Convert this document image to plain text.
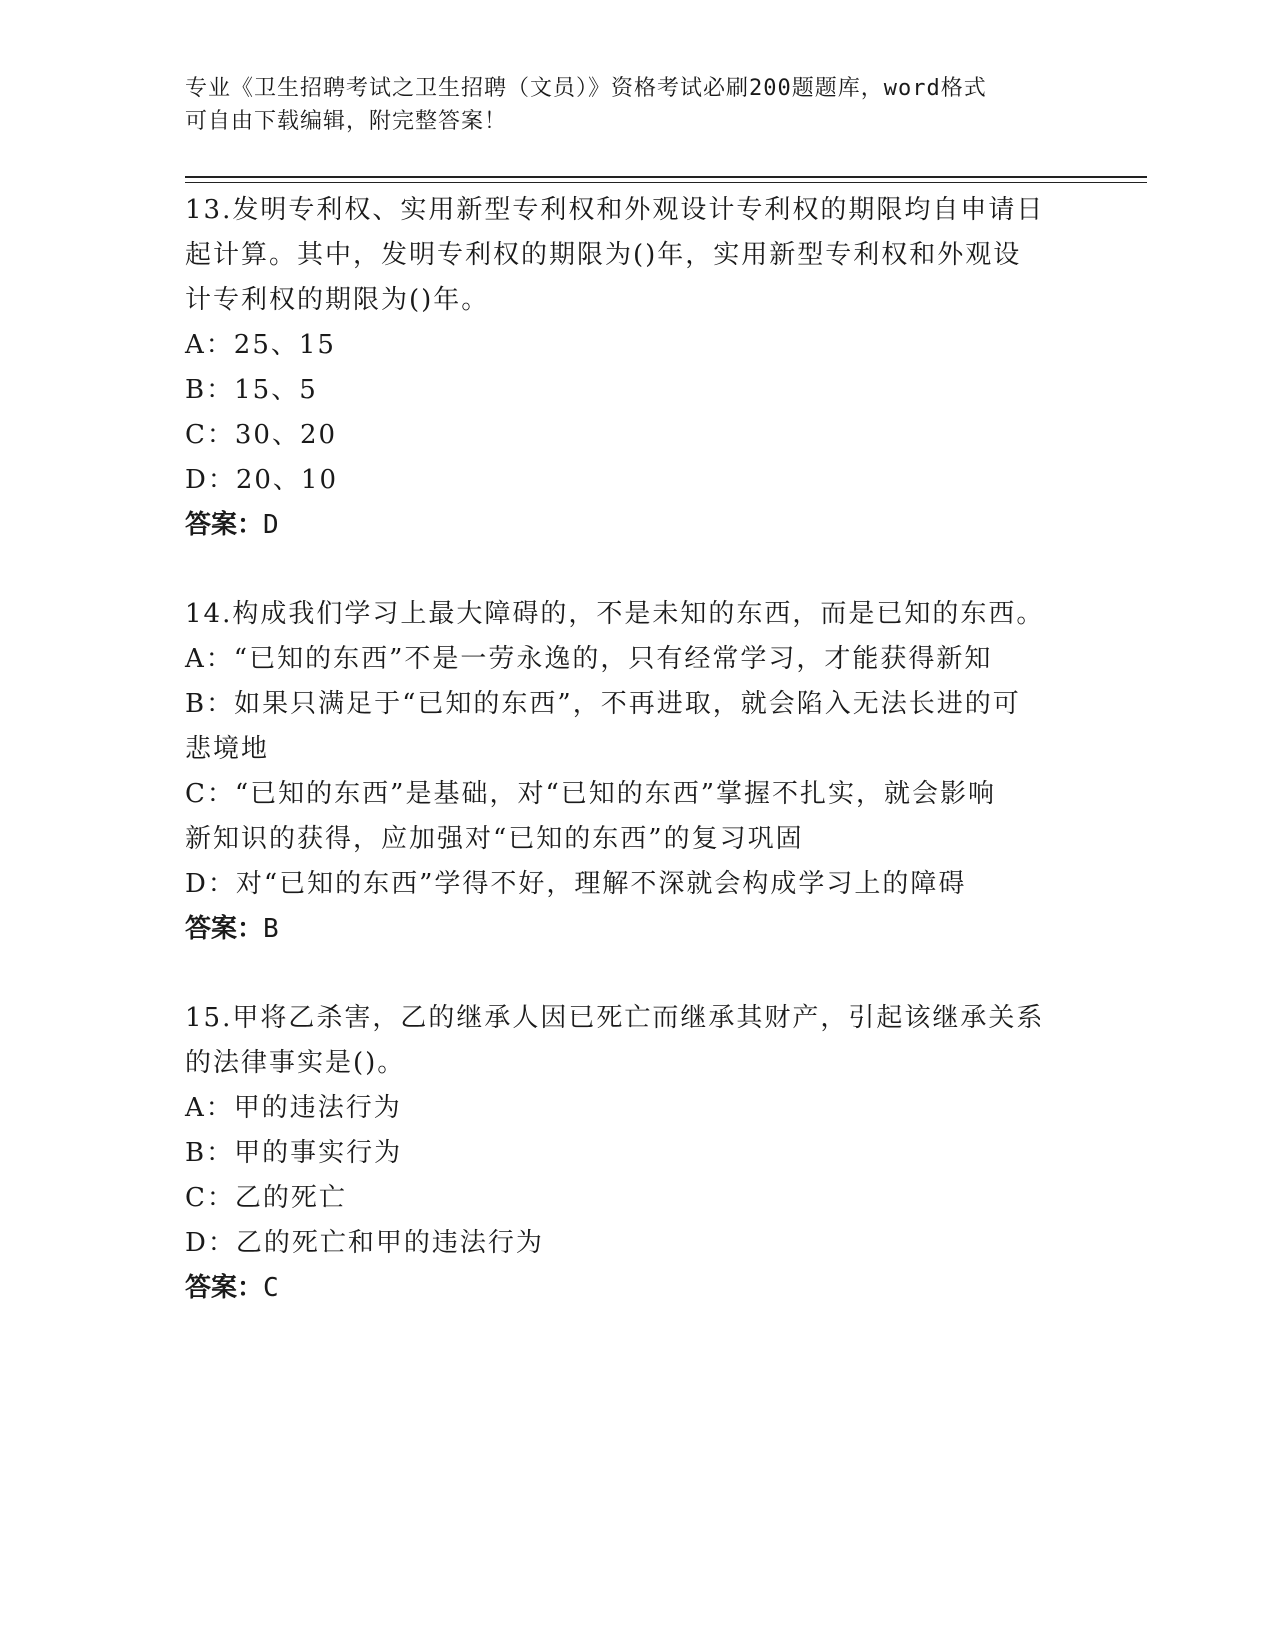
专业《卫生招聘考试之卫生招聘（文员）》资格考试必刷200题题库，word格式
可自由下载编辑，附完整答案！
13.发明专利权、实用新型专利权和外观设计专利权的期限均自申请日
起计算。其中，发明专利权的期限为()年，实用新型专利权和外观设
计专利权的期限为()年。
A：25、15
B：15、5
C：30、20
D：20、10
答案：D
14.构成我们学习上最大障碍的，不是未知的东西，而是已知的东西。
A：“已知的东西”不是一劳永逸的，只有经常学习，才能获得新知
B：如果只满足于“已知的东西”，不再进取，就会陷入无法长进的可
悲境地
C：“已知的东西”是基础，对“已知的东西”掌握不扎实，就会影响
新知识的获得，应加强对“已知的东西”的复习巩固
D：对“已知的东西”学得不好，理解不深就会构成学习上的障碍
答案：B
15.甲将乙杀害，乙的继承人因已死亡而继承其财产，引起该继承关系
的法律事实是()。
A：甲的违法行为
B：甲的事实行为
C：乙的死亡
D：乙的死亡和甲的违法行为
答案：C
